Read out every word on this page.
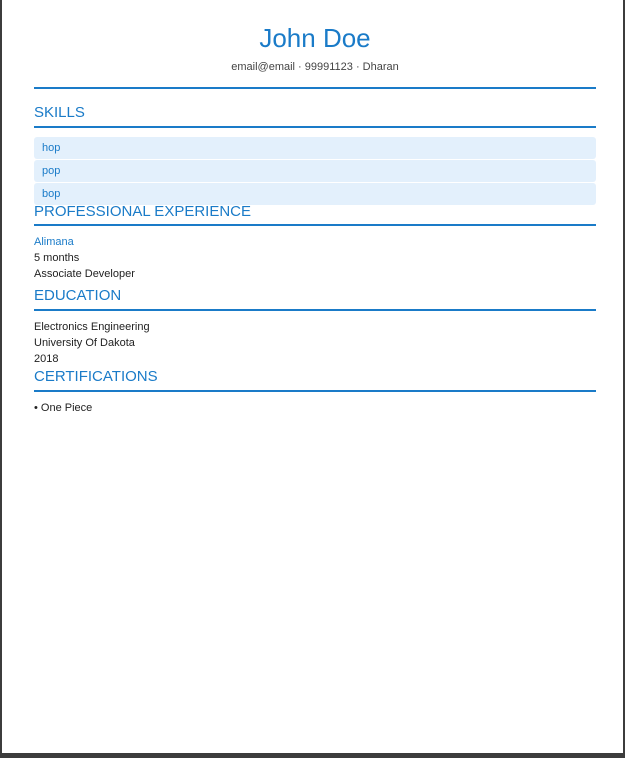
John Doe
email@email · 99991123 · Dharan
SKILLS
hop
pop
bop
PROFESSIONAL EXPERIENCE
Alimana
5 months
Associate Developer
EDUCATION
Electronics Engineering
University Of Dakota
2018
CERTIFICATIONS
• One Piece
